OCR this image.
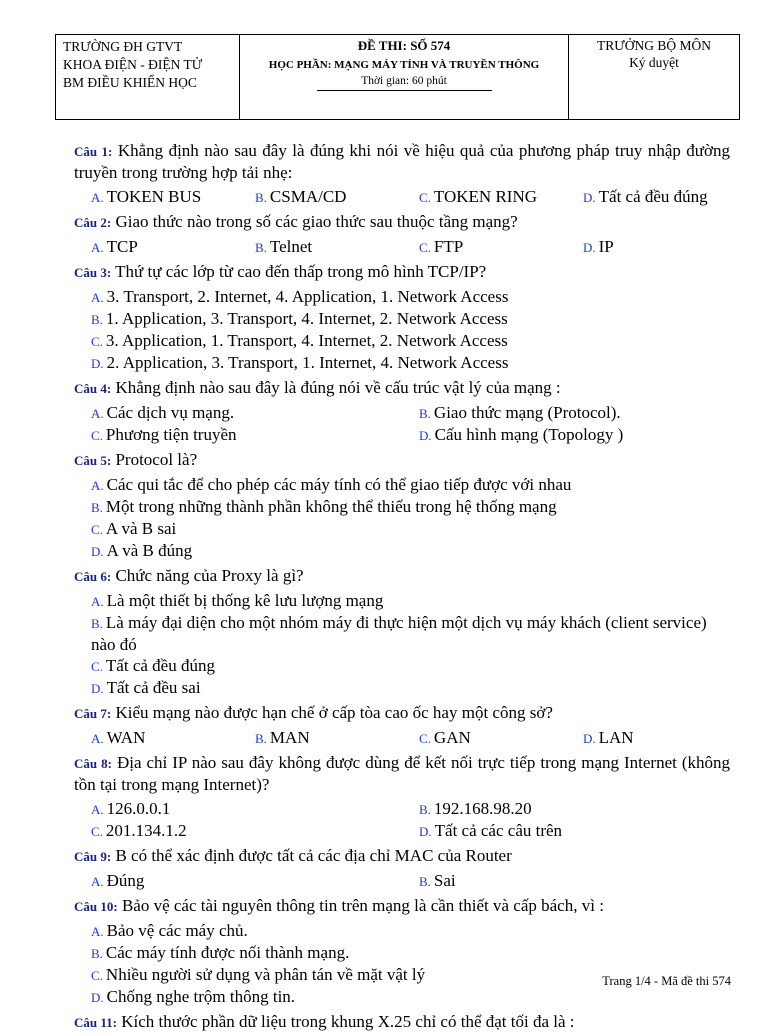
TRƯỜNG ĐH GTVT
KHOA ĐIỆN - ĐIỆN TỬ
BM ĐIỀU KHIỂN HỌC

ĐỀ THI: SỐ 574
HỌC PHẦN: MẠNG MÁY TÍNH VÀ TRUYỀN THÔNG
Thời gian: 60 phút

TRƯỞNG BỘ MÔN
Ký duyệt
Câu 1: Khẳng định nào sau đây là đúng khi nói về hiệu quả của phương pháp truy nhập đường truyền trong trường hợp tải nhẹ:
A. TOKEN BUS	B. CSMA/CD	C. TOKEN RING	D. Tất cả đều đúng
Câu 2: Giao thức nào trong số các giao thức sau thuộc tầng mạng?
A. TCP	B. Telnet	C. FTP	D. IP
Câu 3: Thứ tự các lớp từ cao đến thấp trong mô hình TCP/IP?
A. 3. Transport, 2. Internet, 4. Application, 1. Network Access
B. 1. Application, 3. Transport, 4. Internet, 2. Network Access
C. 3. Application, 1. Transport, 4. Internet, 2. Network Access
D. 2. Application, 3. Transport, 1. Internet, 4. Network Access
Câu 4: Khẳng định nào sau đây là đúng nói về cấu trúc vật lý của mạng :
A. Các dịch vụ mạng.	B. Giao thức mạng (Protocol).
C. Phương tiện truyền	D. Cấu hình mạng (Topology )
Câu 5: Protocol là?
A. Các qui tắc để cho phép các máy tính có thể giao tiếp được với nhau
B. Một trong những thành phần không thể thiếu trong hệ thống mạng
C. A và B sai
D. A và B đúng
Câu 6: Chức năng của Proxy là gì?
A. Là một thiết bị thống kê lưu lượng mạng
B. Là máy đại diện cho một nhóm máy đi thực hiện một dịch vụ máy khách (client service) nào đó
C. Tất cả đều đúng
D. Tất cả đều sai
Câu 7: Kiểu mạng nào được hạn chế ở cấp tòa cao ốc hay một công sở?
A. WAN	B. MAN	C. GAN	D. LAN
Câu 8: Địa chỉ IP nào sau đây không được dùng để kết nối trực tiếp trong mạng Internet (không tồn tại trong mạng Internet)?
A. 126.0.0.1	B. 192.168.98.20
C. 201.134.1.2	D. Tất cả các câu trên
Câu 9: B có thể xác định được tất cả các địa chỉ MAC của Router
A. Đúng	B. Sai
Câu 10: Bảo vệ các tài nguyên thông tin trên mạng là cần thiết và cấp bách, vì :
A. Bảo vệ các máy chủ.
B. Các máy tính được nối thành mạng.
C. Nhiều người sử dụng và phân tán về mặt vật lý
D. Chống nghe trộm thông tin.
Câu 11: Kích thước phần dữ liệu trong khung X.25 chỉ có thể đạt tối đa là :
Trang 1/4 - Mã đề thi 574
